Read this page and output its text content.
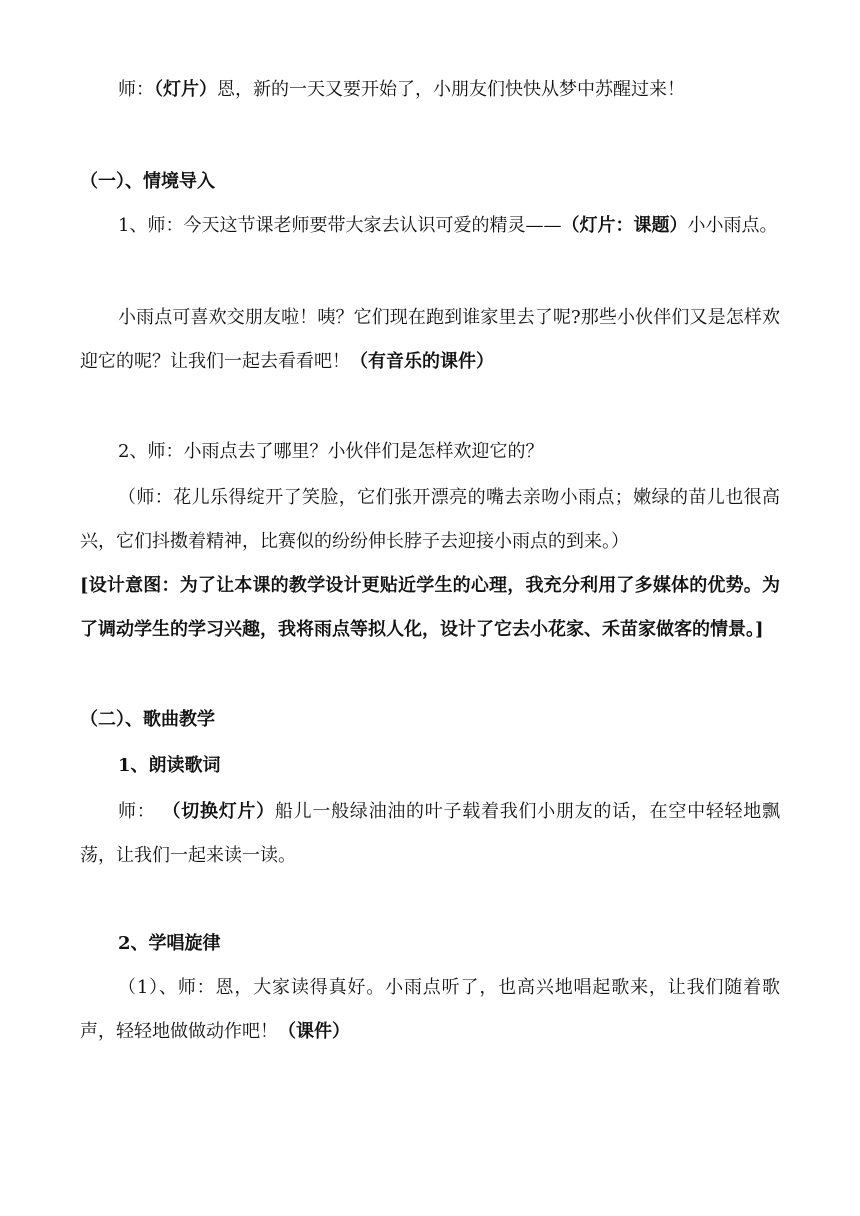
师：（灯片）恩，新的一天又要开始了，小朋友们快快从梦中苏醒过来！

（一）、情境导入

1、师：今天这节课老师要带大家去认识可爱的精灵——（灯片：课题）小小雨点。

小雨点可喜欢交朋友啦！咦？它们现在跑到谁家里去了呢?那些小伙伴们又是怎样欢迎它的呢？让我们一起去看看吧！（有音乐的课件）

2、师：小雨点去了哪里？小伙伴们是怎样欢迎它的？

（师：花儿乐得绽开了笑脸，它们张开漂亮的嘴去亲吻小雨点；嫩绿的苗儿也很高兴，它们抖擞着精神，比赛似的纷纷伸长脖子去迎接小雨点的到来。）

[设计意图：为了让本课的教学设计更贴近学生的心理，我充分利用了多媒体的优势。为了调动学生的学习兴趣，我将雨点等拟人化，设计了它去小花家、禾苗家做客的情景。]

（二）、歌曲教学

1、朗读歌词

师： （切换灯片）船儿一般绿油油的叶子载着我们小朋友的话，在空中轻轻地飘荡，让我们一起来读一读。

2、学唱旋律

（1）、师：恩，大家读得真好。小雨点听了，也高兴地唱起歌来，让我们随着歌声，轻轻地做做动作吧！（课件）
